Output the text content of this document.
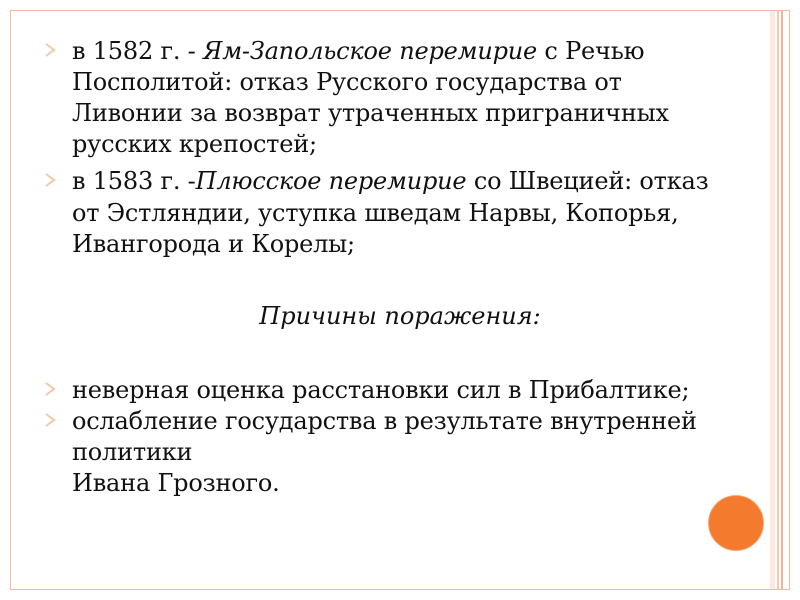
в 1582 г. - Ям-Запольское перемирие с Речью
Посполитой: отказ Русского государства от
Ливонии за возврат утраченных приграничных
русских крепостей;
в 1583 г. -Плюсское перемирие со Швецией: отказ
от Эстляндии, уступка шведам Нарвы, Копорья,
Ивангорода и Корелы;
Причины поражения:
неверная оценка расстановки сил в Прибалтике;
ослабление государства в результате внутренней
политики
Ивана Грозного.
